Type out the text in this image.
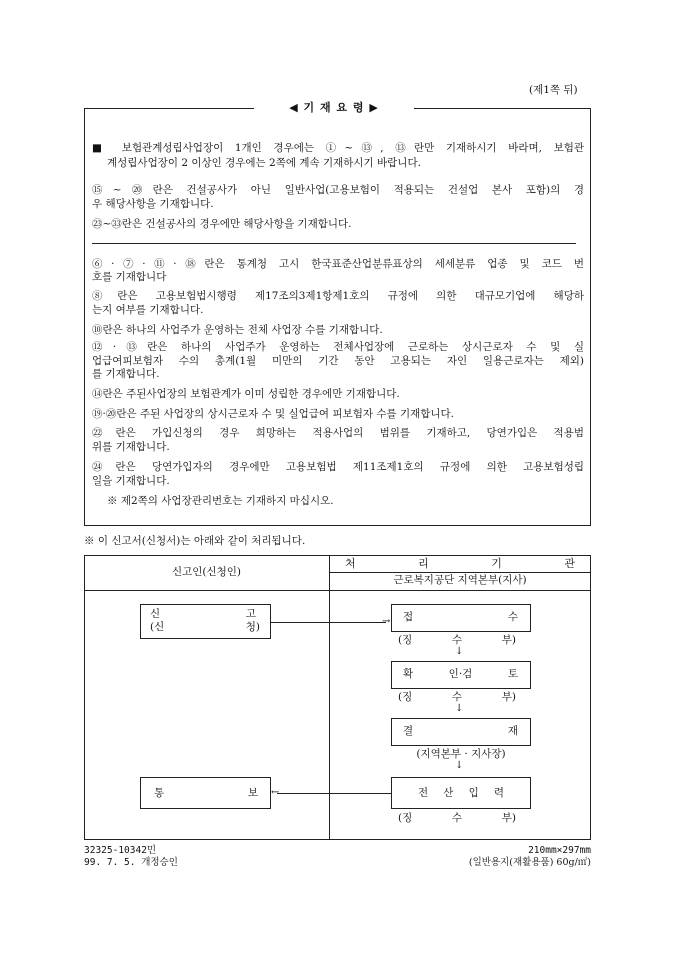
(제1쪽 뒤)
◀ 기 재 요 령 ▶
■ 보험관계성립사업장이 1개인 경우에는 ①~⑬, ⑬란만 기재하시기 바라며, 보험관
계성립사업장이 2 이상인 경우에는 2쪽에 계속 기재하시기 바랍니다.
⑮~⑳란은 건설공사가 아닌 일반사업(고용보험이 적용되는 건설업 본사 포함)의 경
우 해당사항을 기재합니다.
㉓~㉝란은 건설공사의 경우에만 해당사항을 기재합니다.
⑥·⑦·⑪·⑱란은 통계청 고시 한국표준산업분류표상의 세세분류 업종 및 코드 번
호를 기재합니다
⑧란은 고용보험법시행령 제17조의3제1항제1호의 규정에 의한 대규모기업에 해당하
는지 여부를 기재합니다.
⑩란은 하나의 사업주가 운영하는 전체 사업장 수를 기재합니다.
⑫·⑬란은 하나의 사업주가 운영하는 전체사업장에 근로하는 상시근로자 수 및 실
업급여피보험자 수의 총계(1월 미만의 기간 동안 고용되는 자인 일용근로자는 제외)
를 기재합니다.
⑭란은 주된사업장의 보험관계가 이미 성립한 경우에만 기재합니다.
⑲·⑳란은 주된 사업장의 상시근로자 수 및 실업급여 피보험자 수를 기재합니다.
㉒란은 가입신청의 경우 희망하는 적용사업의 범위를 기재하고, 당연가입은 적용범
위를 기재합니다.
㉔란은 당연가입자의 경우에만 고용보험법 제11조제1호의 규정에 의한 고용보험성립
일을 기재합니다.
※ 제2쪽의 사업장관리번호는 기재하지 마십시오.
※ 이 신고서(신청서)는 아래와 같이 처리됩니다.
신고인(신청인)
처 리 기 관
근로복지공단 지역본부(지사)
신 고
(신 청)	→ 접 수
(징 수 부)
↓
확 인·검 토
(징 수 부)
↓
결 재
(지역본부 · 지사장)
↓
전 산 입 력
(징 수 부)
통 보 ←
32325-10342민
99. 7. 5. 개정승인
210mm×297mm
(일반용지(재활용품) 60g/㎡)
